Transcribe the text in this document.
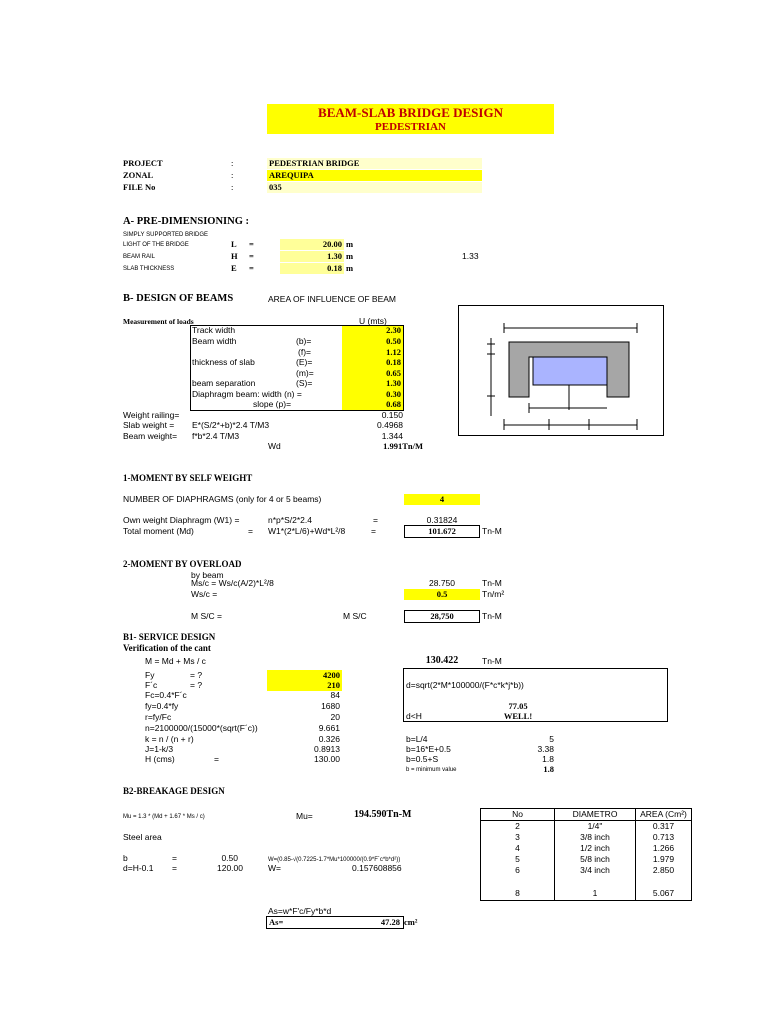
BEAM-SLAB BRIDGE DESIGN
PEDESTRIAN
PROJECT	:	PEDESTRIAN BRIDGE
ZONAL	:	AREQUIPA
FILE No	:	035
A- PRE-DIMENSIONING :
SIMPLY SUPPORTED BRIDGE
LIGHT OF THE BRIDGE	L =	20.00 m
BEAM RAIL	H =	1.30 m	1.33
SLAB THICKNESS	E =	0.18 m
B- DESIGN OF BEAMS	AREA OF INFLUENCE OF BEAM
Measurement of loads	U (mts)
Track width	2.30
Beam width	(b)=	0.50
(f)=	1.12
thickness of slab	(E)=	0.18
(m)=	0.65
beam separation	(S)=	1.30
Diaphragm beam: width (n) =	0.30
slope (p)=	0.68
Weight railing=	0.150
Slab weight = E*(S/2*+b)*2.4 T/M3	0.4968
Beam weight= f*b*2.4 T/M3	1.344
Wd	1.991Tn/M
1-MOMENT BY SELF WEIGHT
NUMBER OF DIAPHRAGMS (only for 4 or 5 beams)	4
Own weight Diaphragm (W1) =	n*p*S/2*2.4	=	0.31824
Total moment (Md)	= W1*(2*L/6)+Wd*L²/8	=	101.672	Tn-M
2-MOMENT BY OVERLOAD
by beam
Ms/c = Ws/c(A/2)*L²/8	28.750	Tn-M
Ws/c =	0.5	Tn/m²
M S/C =	M S/C	28,750	Tn-M
B1- SERVICE DESIGN
Verification of the cant
M = Md + Ms / c	130.422	Tn-M
Fy	= ?	4200
F´c	= ?	210
Fc=0.4*F´c	84
fy=0.4*fy	1680
r=fy/Fc	20
n=2100000/(15000*(sqrt(F´c))	9.661
k = n / (n + r)	0.326
J=1-k/3	0.8913
H (cms)	=	130.00
d=sqrt(2*M*100000/(F*c*k*j*b))
77.05
d<H	WELL!
b=L/4	5
b=16*E+0.5	3.38
b=0.5+S	1.8
b = minimum value	1.8
B2-BREAKAGE DESIGN
Mu = 1.3 * (Md + 1.67 * Ms / c)	Mu=	194.590Tn-M
Steel area
b	=	0.50	W=(0.85-√(0.7225-1.7*Mu*100000/(0.9*F´c*b*d²))
d=H-0.1 =	120.00	W=	0.157608856
As=w*F'c/Fy*b*d
As=	47.28 cm²
No	DIAMETRO	AREA (Cm²)
2	1/4"	0.317
3	3/8 inch	0.713
4	1/2 inch	1.266
5	5/8 inch	1.979
6	3/4 inch	2.850

8	1	5.067
